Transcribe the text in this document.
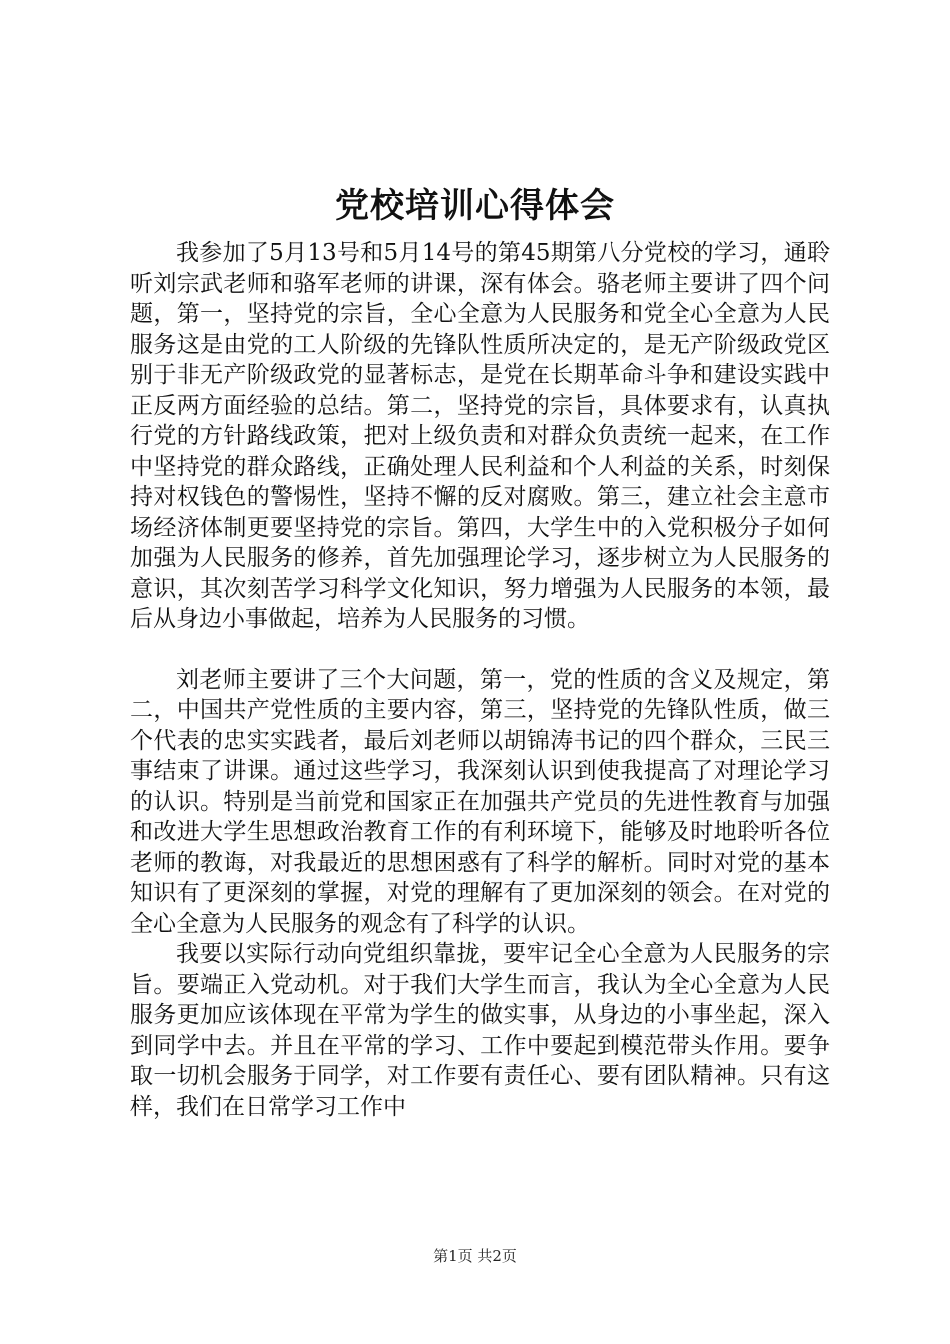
党校培训心得体会

我参加了5月13号和5月14号的第45期第八分党校的学习，通聆听刘宗武老师和骆军老师的讲课，深有体会。骆老师主要讲了四个问题，第一，坚持党的宗旨，全心全意为人民服务和党全心全意为人民服务这是由党的工人阶级的先锋队性质所决定的，是无产阶级政党区别于非无产阶级政党的显著标志，是党在长期革命斗争和建设实践中正反两方面经验的总结。第二，坚持党的宗旨，具体要求有，认真执行党的方针路线政策，把对上级负责和对群众负责统一起来，在工作中坚持党的群众路线，正确处理人民利益和个人利益的关系，时刻保持对权钱色的警惕性，坚持不懈的反对腐败。第三，建立社会主意市场经济体制更要坚持党的宗旨。第四，大学生中的入党积极分子如何加强为人民服务的修养，首先加强理论学习，逐步树立为人民服务的意识，其次刻苦学习科学文化知识，努力增强为人民服务的本领，最后从身边小事做起，培养为人民服务的习惯。

刘老师主要讲了三个大问题，第一，党的性质的含义及规定，第二，中国共产党性质的主要内容，第三，坚持党的先锋队性质，做三个代表的忠实实践者，最后刘老师以胡锦涛书记的四个群众，三民三事结束了讲课。通过这些学习，我深刻认识到使我提高了对理论学习的认识。特别是当前党和国家正在加强共产党员的先进性教育与加强和改进大学生思想政治教育工作的有利环境下，能够及时地聆听各位老师的教诲，对我最近的思想困惑有了科学的解析。同时对党的基本知识有了更深刻的掌握，对党的理解有了更加深刻的领会。在对党的全心全意为人民服务的观念有了科学的认识。

我要以实际行动向党组织靠拢，要牢记全心全意为人民服务的宗旨。要端正入党动机。对于我们大学生而言，我认为全心全意为人民服务更加应该体现在平常为学生的做实事，从身边的小事坐起，深入到同学中去。并且在平常的学习、工作中要起到模范带头作用。要争取一切机会服务于同学，对工作要有责任心、要有团队精神。只有这样，我们在日常学习工作中

第1页 共2页
